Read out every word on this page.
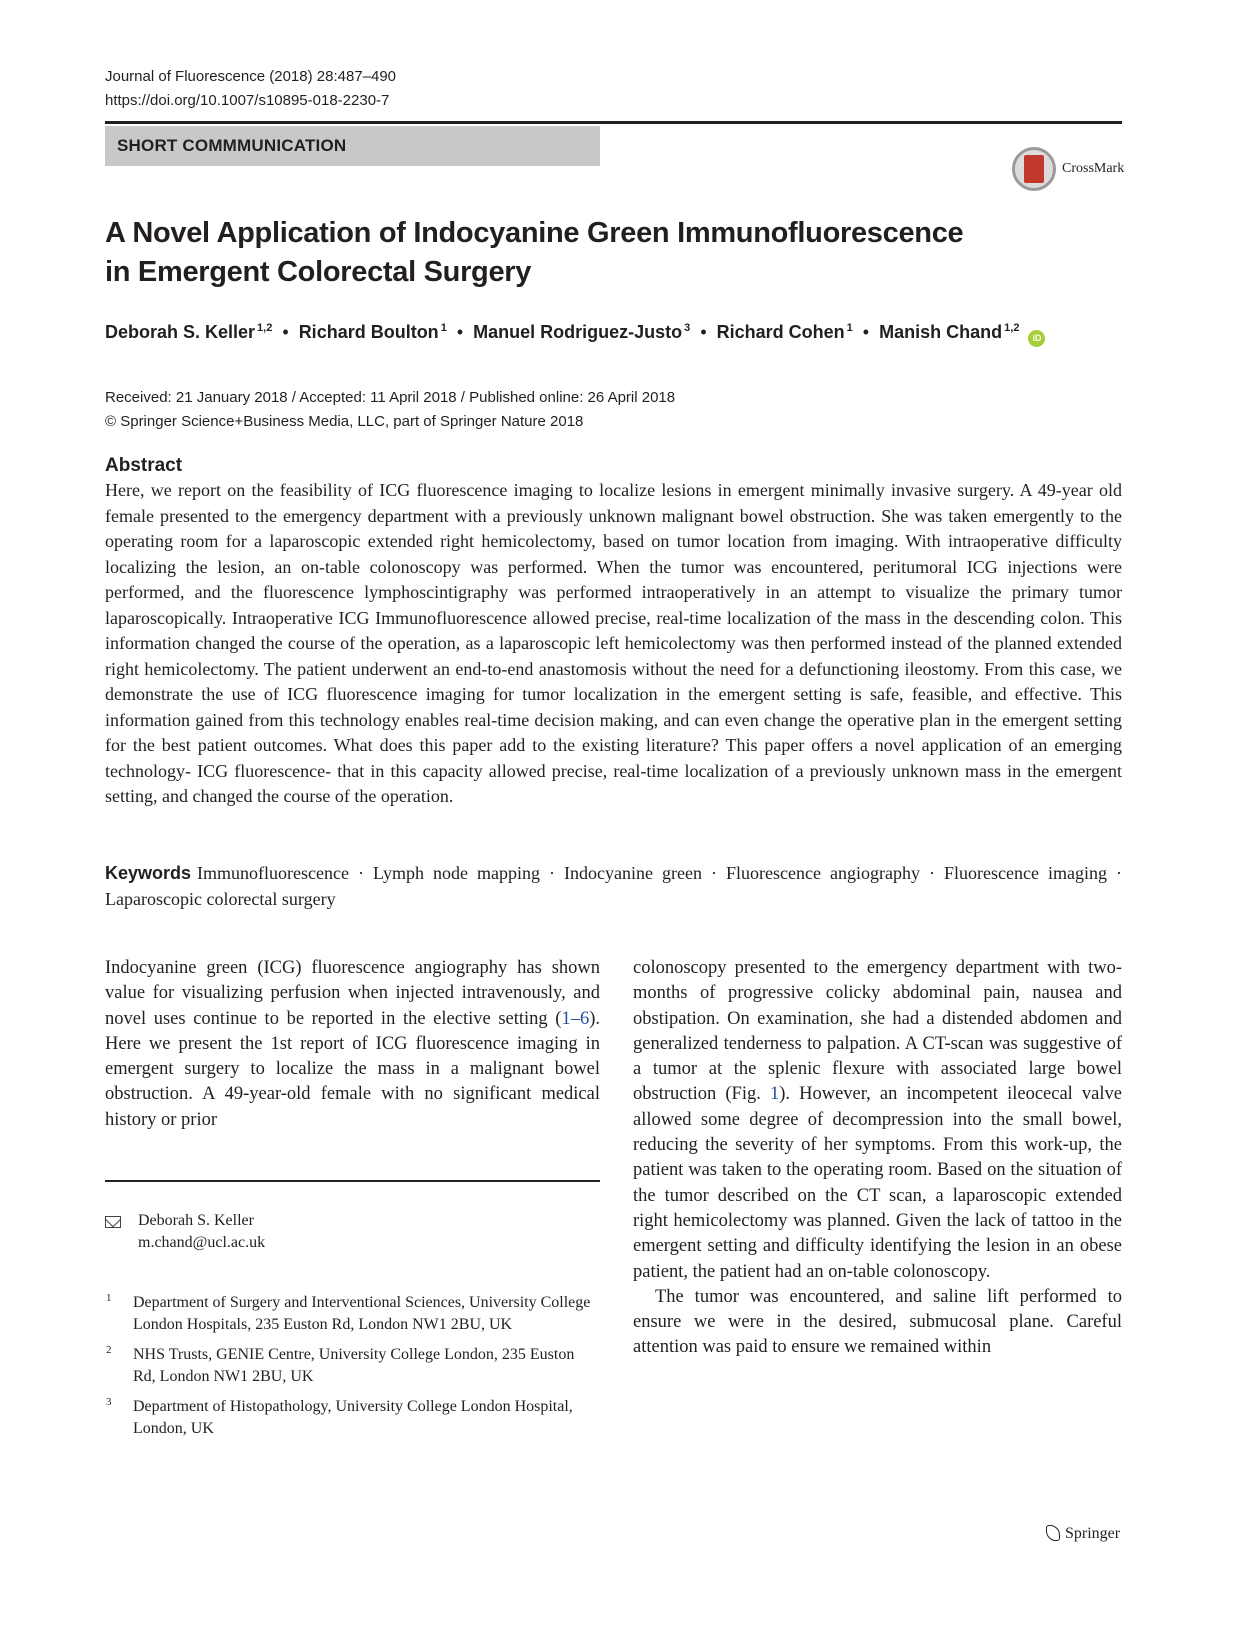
Journal of Fluorescence (2018) 28:487–490
https://doi.org/10.1007/s10895-018-2230-7
SHORT COMMMUNICATION
CrossMark
A Novel Application of Indocyanine Green Immunofluorescence
in Emergent Colorectal Surgery
Deborah S. Keller $^{1,2}$ • Richard Boulton $^1$ • Manuel Rodriguez-Justo $^3$ • Richard Cohen $^1$ • Manish Chand $^{1,2}$ iD
Received: 21 January 2018 / Accepted: 11 April 2018 / Published online: 26 April 2018
© Springer Science+Business Media, LLC, part of Springer Nature 2018
Abstract
Here, we report on the feasibility of ICG fluorescence imaging to localize lesions in emergent minimally invasive surgery. A 49-year old female presented to the emergency department with a previously unknown malignant bowel obstruction. She was taken emergently to the operating room for a laparoscopic extended right hemicolectomy, based on tumor location from imaging. With intraoperative difficulty localizing the lesion, an on-table colonoscopy was performed. When the tumor was encountered, peritumoral ICG injections were performed, and the fluorescence lymphoscintigraphy was performed intraoperatively in an attempt to visualize the primary tumor laparoscopically. Intraoperative ICG Immunofluorescence allowed precise, real-time localization of the mass in the descending colon. This information changed the course of the operation, as a laparoscopic left hemicolectomy was then performed instead of the planned extended right hemicolectomy. The patient underwent an end-to-end anastomosis without the need for a defunctioning ileostomy. From this case, we demonstrate the use of ICG fluorescence imaging for tumor localization in the emergent setting is safe, feasible, and effective. This information gained from this technology enables real-time decision making, and can even change the operative plan in the emergent setting for the best patient outcomes. What does this paper add to the existing literature? This paper offers a novel application of an emerging technology- ICG fluorescence- that in this capacity allowed precise, real-time localization of a previously unknown mass in the emergent setting, and changed the course of the operation.
Keywords Immunofluorescence · Lymph node mapping · Indocyanine green · Fluorescence angiography · Fluorescence imaging · Laparoscopic colorectal surgery

Indocyanine green (ICG) fluorescence angiography has shown value for visualizing perfusion when injected intravenously, and novel uses continue to be reported in the elective setting (1–6). Here we present the 1st report of ICG fluorescence imaging in emergent surgery to localize the mass in a malignant bowel obstruction. A 49-year-old female with no significant medical history or prior

colonoscopy presented to the emergency department with two-months of progressive colicky abdominal pain, nausea and obstipation. On examination, she had a distended abdomen and generalized tenderness to palpation. A CT-scan was suggestive of a tumor at the splenic flexure with associated large bowel obstruction (Fig. 1). However, an incompetent ileocecal valve allowed some degree of decompression into the small bowel, reducing the severity of her symptoms. From this work-up, the patient was taken to the operating room. Based on the situation of the tumor described on the CT scan, a laparoscopic extended right hemicolectomy was planned. Given the lack of tattoo in the emergent setting and difficulty identifying the lesion in an obese patient, the patient had an on-table colonoscopy.

The tumor was encountered, and saline lift performed to ensure we were in the desired, submucosal plane. Careful attention was paid to ensure we remained within

Deborah S. Keller
m.chand@ucl.ac.uk
1 Department of Surgery and Interventional Sciences, University College London Hospitals, 235 Euston Rd, London NW1 2BU, UK
2 NHS Trusts, GENIE Centre, University College London, 235 Euston Rd, London NW1 2BU, UK
3 Department of Histopathology, University College London Hospital, London, UK
Springer
